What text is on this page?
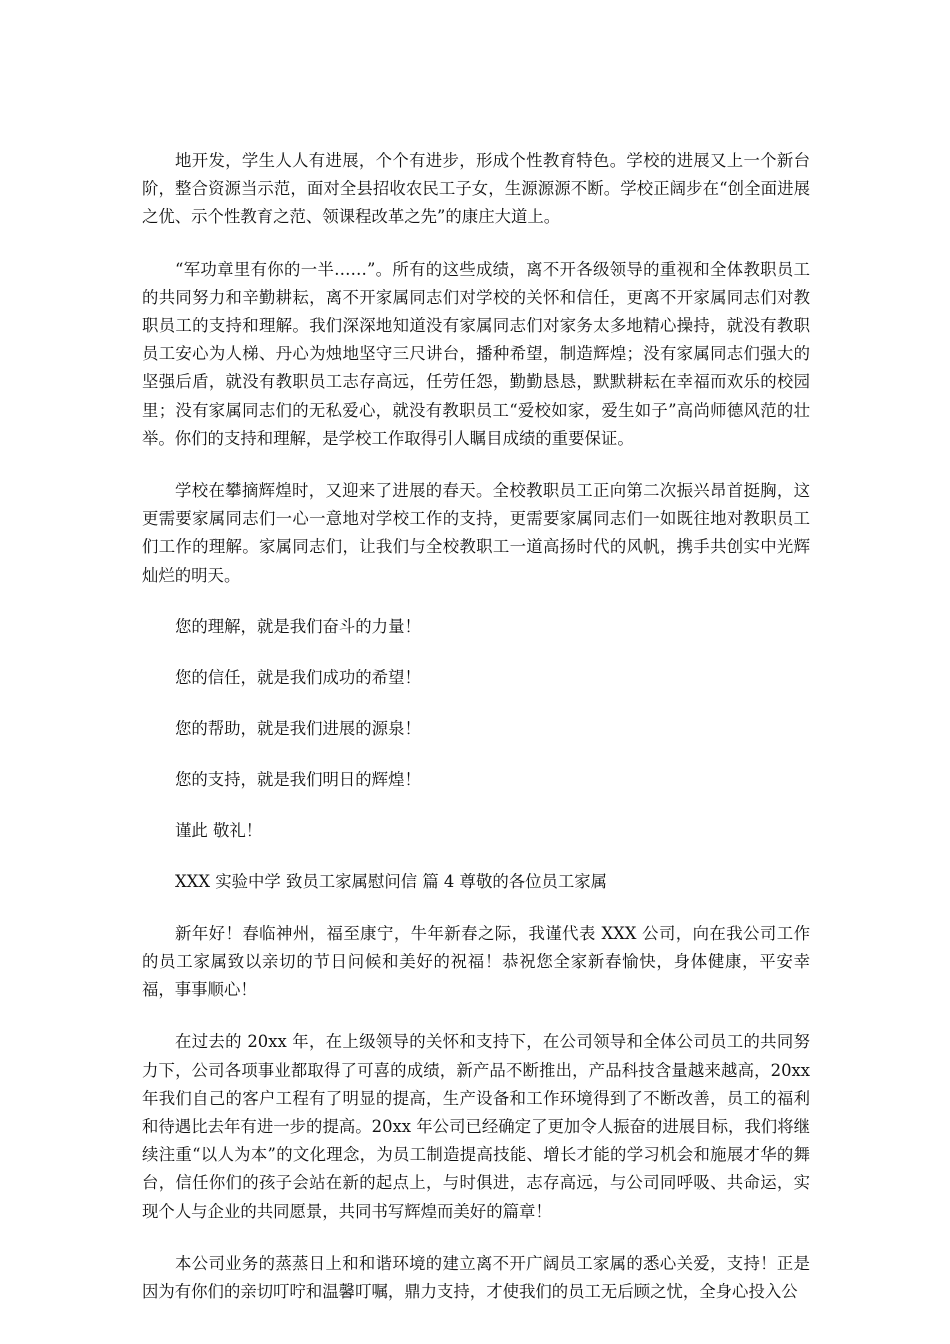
地开发，学生人人有进展，个个有进步，形成个性教育特色。学校的进展又上一个新台阶，整合资源当示范，面对全县招收农民工子女，生源源源不断。学校正阔步在“创全面进展之优、示个性教育之范、领课程改革之先”的康庄大道上。

“军功章里有你的一半……”。所有的这些成绩，离不开各级领导的重视和全体教职员工的共同努力和辛勤耕耘，离不开家属同志们对学校的关怀和信任，更离不开家属同志们对教职员工的支持和理解。我们深深地知道没有家属同志们对家务太多地精心操持，就没有教职员工安心为人梯、丹心为烛地坚守三尺讲台，播种希望，制造辉煌；没有家属同志们强大的坚强后盾，就没有教职员工志存高远，任劳任怨，勤勤恳恳，默默耕耘在幸福而欢乐的校园里；没有家属同志们的无私爱心，就没有教职员工“爱校如家，爱生如子”高尚师德风范的壮举。你们的支持和理解，是学校工作取得引人瞩目成绩的重要保证。

学校在攀摘辉煌时，又迎来了进展的春天。全校教职员工正向第二次振兴昂首挺胸，这更需要家属同志们一心一意地对学校工作的支持，更需要家属同志们一如既往地对教职员工们工作的理解。家属同志们，让我们与全校教职工一道高扬时代的风帆，携手共创实中光辉灿烂的明天。

您的理解，就是我们奋斗的力量！

您的信任，就是我们成功的希望！

您的帮助，就是我们进展的源泉！

您的支持，就是我们明日的辉煌！

谨此 敬礼！

XXX 实验中学 致员工家属慰问信 篇 4 尊敬的各位员工家属

新年好！春临神州，福至康宁，牛年新春之际，我谨代表 XXX 公司，向在我公司工作的员工家属致以亲切的节日问候和美好的祝福！恭祝您全家新春愉快，身体健康，平安幸福，事事顺心！

在过去的 20xx 年，在上级领导的关怀和支持下，在公司领导和全体公司员工的共同努力下，公司各项事业都取得了可喜的成绩，新产品不断推出，产品科技含量越来越高，20xx 年我们自己的客户工程有了明显的提高，生产设备和工作环境得到了不断改善，员工的福利和待遇比去年有进一步的提高。20xx 年公司已经确定了更加令人振奋的进展目标，我们将继续注重“以人为本”的文化理念，为员工制造提高技能、增长才能的学习机会和施展才华的舞台，信任你们的孩子会站在新的起点上，与时俱进，志存高远，与公司同呼吸、共命运，实现个人与企业的共同愿景，共同书写辉煌而美好的篇章！

本公司业务的蒸蒸日上和和谐环境的建立离不开广阔员工家属的悉心关爱，支持！正是因为有你们的亲切叮咛和温馨叮嘱，鼎力支持，才使我们的员工无后顾之忧，全身心投入公
